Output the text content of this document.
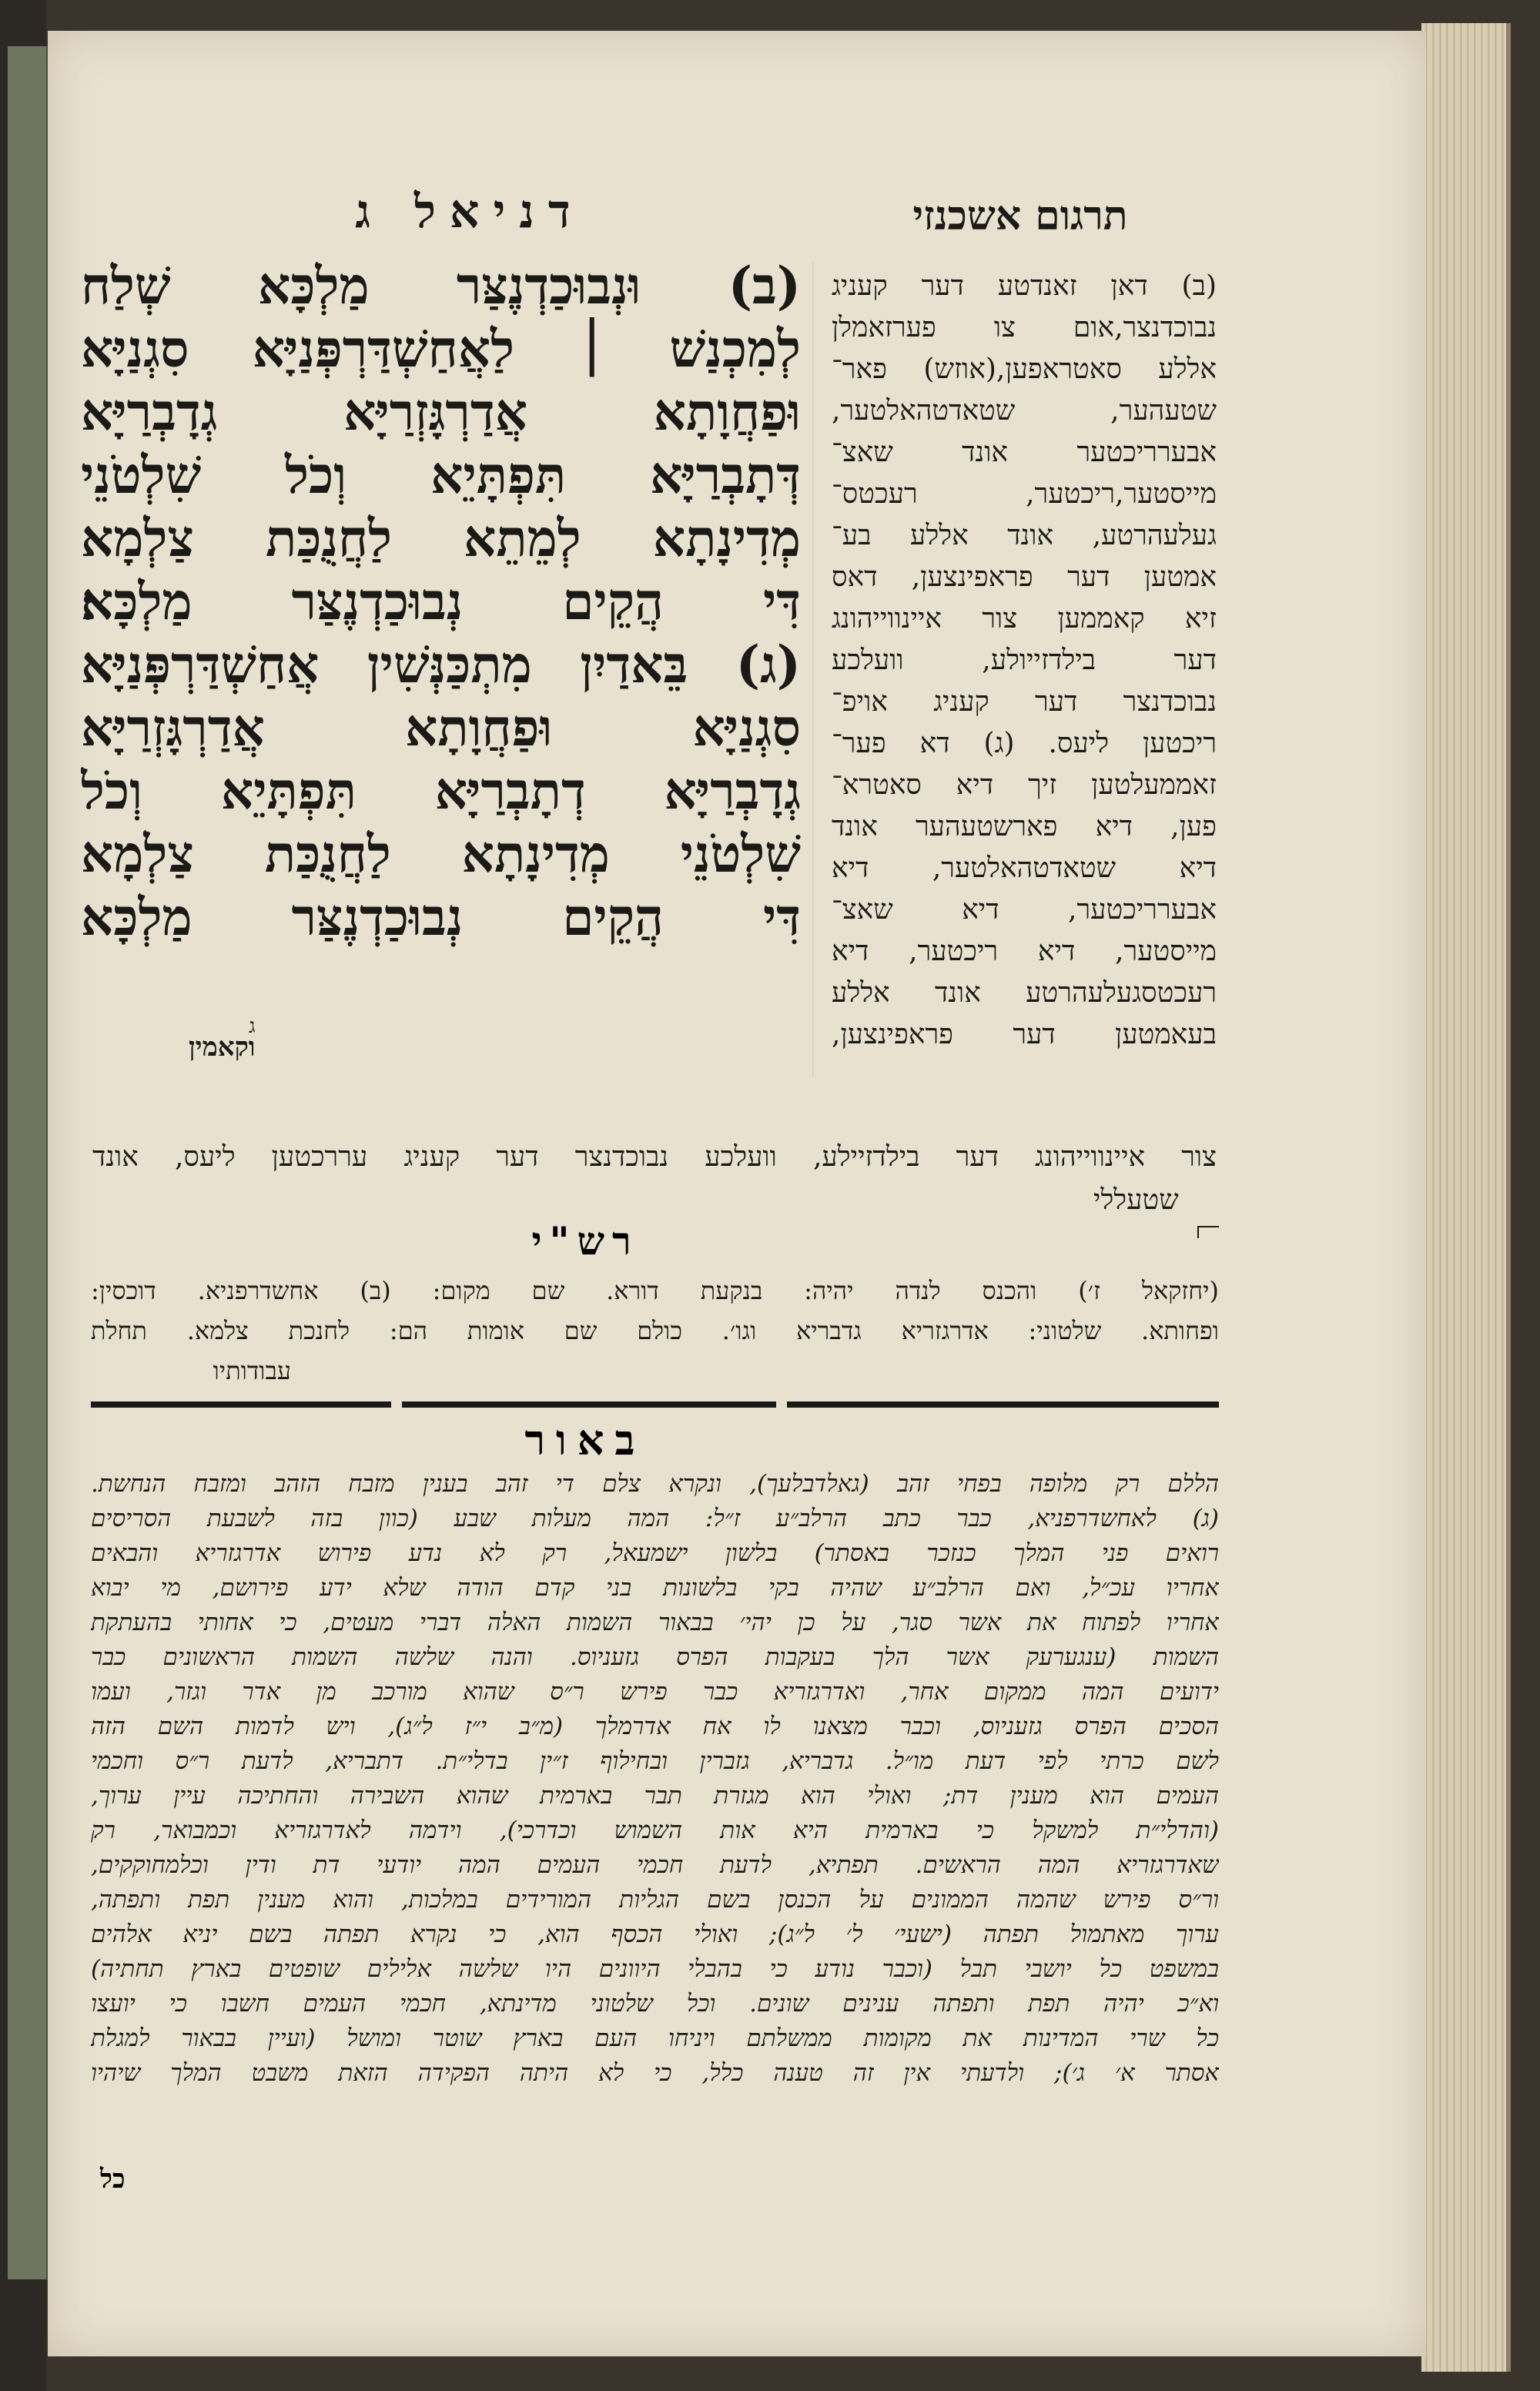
תרגום אשכנזי
דניאל ג
(ב) וּנְבוּכַדְנֶצַּר מַלְכָּא שְׁלַח
לְמִכְנַשׁ ׀ לַאֲחַשְׁדַּרְפְּנַיָּא סִגְנַיָּא
וּפַחֲוָתָא אֲדַרְגָּזְרַיָּא גְדָבְרַיָּא
דְּתָבְרַיָּא תִּפְתָּיֵא וְכֹל שִׁלְטֹנֵי
מְדִינָתָא לְמֵתֵא לַחֲנֻכַּת צַלְמָא
דִּי הֲקֵים נְבוּכַדְנֶצַּר מַלְכָּא׃
(ג) בֵּאדַיִן מִתְכַּנְּשִׁין אֲחַשְׁדַּרְפְּנַיָּא
סִגְנַיָּא וּפַחֲוָתָא אֲדַרְגָּזְרַיָּא
גְדָבְרַיָּא דְתָבְרַיָּא תִּפְתָּיֵא וְכֹל
שִׁלְטֹנֵי מְדִינָתָא לַחֲנֻכַּת צַלְמָא
דִּי הֲקֵים נְבוּכַדְנֶצַּר מַלְכָּא
ג
וקאמין
(ב) דאן זאנדטע דער קעניג
נבוכדנצר,אום צו פערזאמלן
אללע סאטראפען,(אוזש) פאר־
שטעהער, שטאדטהאלטער,
אבערריכטער אונד שאצ־
מייסטער,ריכטער, רעכטס־
געלעהרטע, אונד אללע בע־
אמטען דער פראפינצען, דאס
זיא קאממען צור איינווייהונג
דער בילדזייולע, וועלכע
נבוכדנצר דער קעניג אויפ־
ריכטען ליעס. (ג) דא פער־
זאממעלטען זיך דיא סאטרא־
פען, דיא פארשטעהער אונד
דיא שטאדטהאלטער, דיא
אבערריכטער, דיא שאצ־
מייסטער, דיא ריכטער, דיא
רעכטסגעלעהרטע אונד אללע
בעאמטען דער פראפינצען,
צור איינווייהונג דער בילדזיילע, וועלכע נבוכדנצר דער קעניג עררכטען ליעס, אונד
שטעללי
רש"י
(יחזקאל ז׳) והכנס לנדה יהיה: בנקעת דורא. שם מקום: (ב) אחשדרפניא. דוכסין:
ופחותא. שלטוני: אדרגזריא גדבריא וגו׳. כולם שם אומות הם: לחנכת צלמא. תחלת
עבודותיו
באור
הללם רק מלופה בפחי זהב (גאלדבלעך), ונקרא צלם די זהב בענין מזבח הזהב ומזבח הנחשת.
(ג) לאחשדרפניא, כבר כתב הרלב״ע ז״ל: המה מעלות שבע (כוון בזה לשבעת הסריסים
רואים פני המלך כנזכר באסתר) בלשון ישמעאל, רק לא נדע פירוש אדרגזריא והבאים
אחריו עכ״ל, ואם הרלב״ע שהיה בקי בלשונות בני קדם הודה שלא ידע פירושם, מי יבוא
אחריו לפתוח את אשר סגר, על כן יהי׳ בבאור השמות האלה דברי מעטים, כי אחותי בהעתקת
השמות (ענגערעק אשר הלך בעקבות הפרס גזעניוס. והנה שלשה השמות הראשונים כבר
ידועים המה ממקום אחר, ואדרגזריא כבר פירש ר״ס שהוא מורכב מן אדר וגזר, ועמו
הסכים הפרס גזעניוס, וכבר מצאנו לו אח אדרמלך (מ״ב י״ז ל״ג), ויש לדמות השם הזה
לשם כרתי לפי דעת מו״ל. גדבריא, גזברין ובחילוף ז״ין בדלי״ת. דתבריא, לדעת ר״ס וחכמי
העמים הוא מענין דת; ואולי הוא מגזרת תבר בארמית שהוא השבירה והחתיכה עיין ערוך,
(והדלי״ת למשקל כי בארמית היא אות השמוש וכדרכי), וידמה לאדרגזריא וכמבואר, רק
שאדרגזריא המה הראשים. תפתיא, לדעת חכמי העמים המה יודעי דת ודין וכלמחוקקים,
ור״ס פירש שהמה הממונים על הכנסן בשם הגליות המורידים במלכות, והוא מענין תפת ותפתה,
ערוך מאתמול תפתה (ישעי׳ ל׳ ל״ג); ואולי הכסף הוא, כי נקרא תפתה בשם יניא אלהים
במשפט כל יושבי תבל (וכבר נודע כי בהבלי היוונים היו שלשה אלילים שופטים בארץ תחתיה)
וא״כ יהיה תפת ותפתה ענינים שונים. וכל שלטוני מדינתא, חכמי העמים חשבו כי יועצו
כל שרי המדינות את מקומות ממשלתם ויניחו העם בארץ שוטר ומושל (ועיין בבאור למגלת
אסתר א׳ ג׳); ולדעתי אין זה טענה כלל, כי לא היתה הפקידה הזאת משבט המלך שיהיו
כל
